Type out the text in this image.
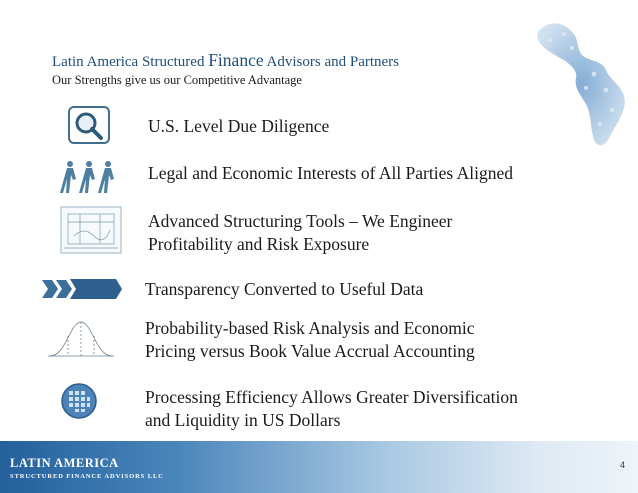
Latin America Structured Finance Advisors and Partners
Our Strengths give us our Competitive Advantage
U.S. Level Due Diligence
Legal and Economic Interests of All Parties Aligned
Advanced Structuring Tools – We Engineer
Profitability and Risk Exposure
Transparency Converted to Useful Data
Probability-based Risk Analysis and Economic
Pricing versus Book Value Accrual Accounting
Processing Efficiency Allows Greater Diversification
and Liquidity in US Dollars
LATIN AMERICA
STRUCTURED FINANCE ADVISORS LLC
4
